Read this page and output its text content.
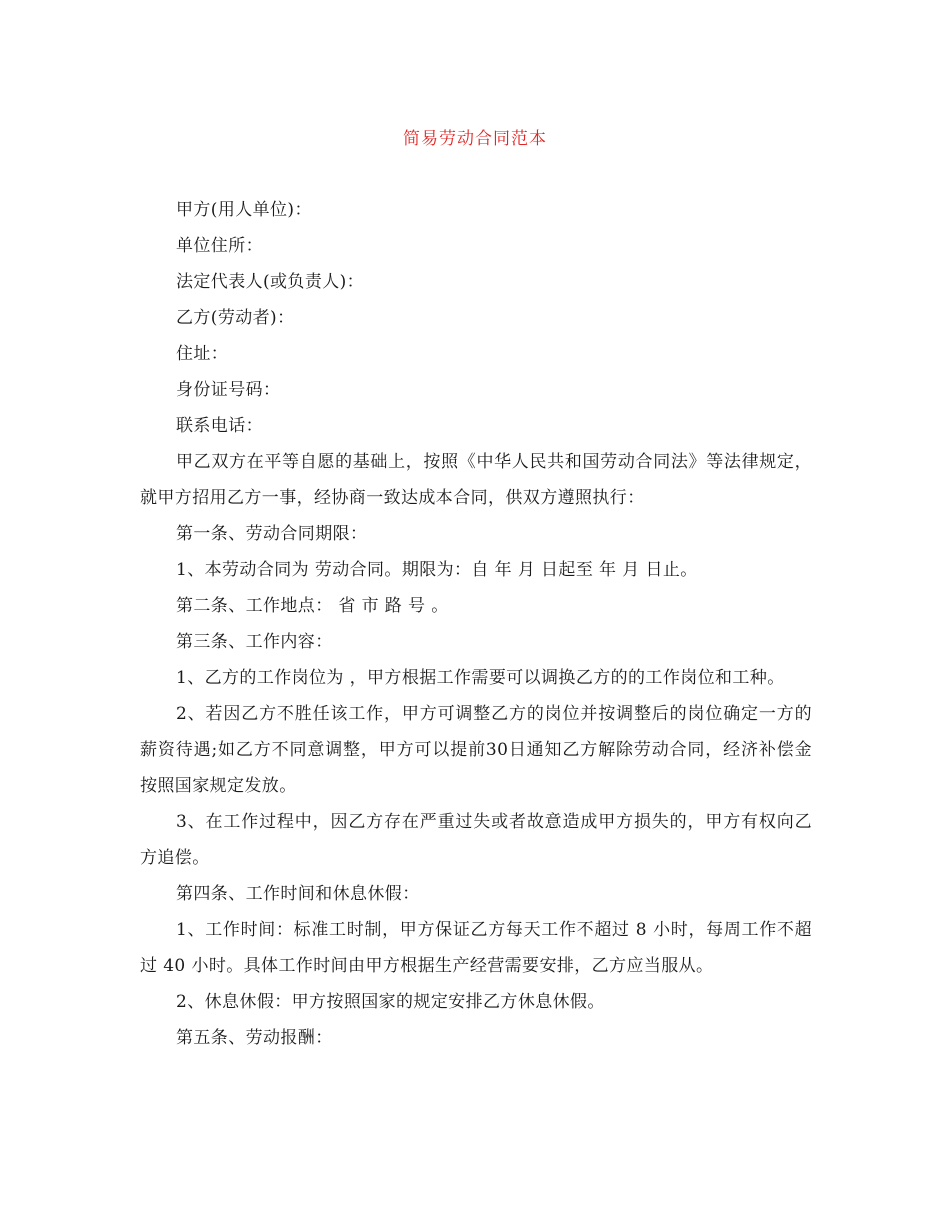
简易劳动合同范本

甲方(用人单位)：

单位住所：

法定代表人(或负责人)：

乙方(劳动者)：

住址：

身份证号码：

联系电话：

甲乙双方在平等自愿的基础上，按照《中华人民共和国劳动合同法》等法律规定，就甲方招用乙方一事，经协商一致达成本合同，供双方遵照执行：

第一条、劳动合同期限：

1、本劳动合同为 劳动合同。期限为：自 年 月 日起至 年 月 日止。

第二条、工作地点： 省 市 路 号 。

第三条、工作内容：

1、乙方的工作岗位为 ，甲方根据工作需要可以调换乙方的的工作岗位和工种。

2、若因乙方不胜任该工作，甲方可调整乙方的岗位并按调整后的岗位确定一方的薪资待遇;如乙方不同意调整，甲方可以提前30日通知乙方解除劳动合同，经济补偿金按照国家规定发放。

3、在工作过程中，因乙方存在严重过失或者故意造成甲方损失的，甲方有权向乙方追偿。

第四条、工作时间和休息休假：

1、工作时间：标准工时制，甲方保证乙方每天工作不超过 8 小时，每周工作不超过 40 小时。具体工作时间由甲方根据生产经营需要安排，乙方应当服从。

2、休息休假：甲方按照国家的规定安排乙方休息休假。

第五条、劳动报酬：
